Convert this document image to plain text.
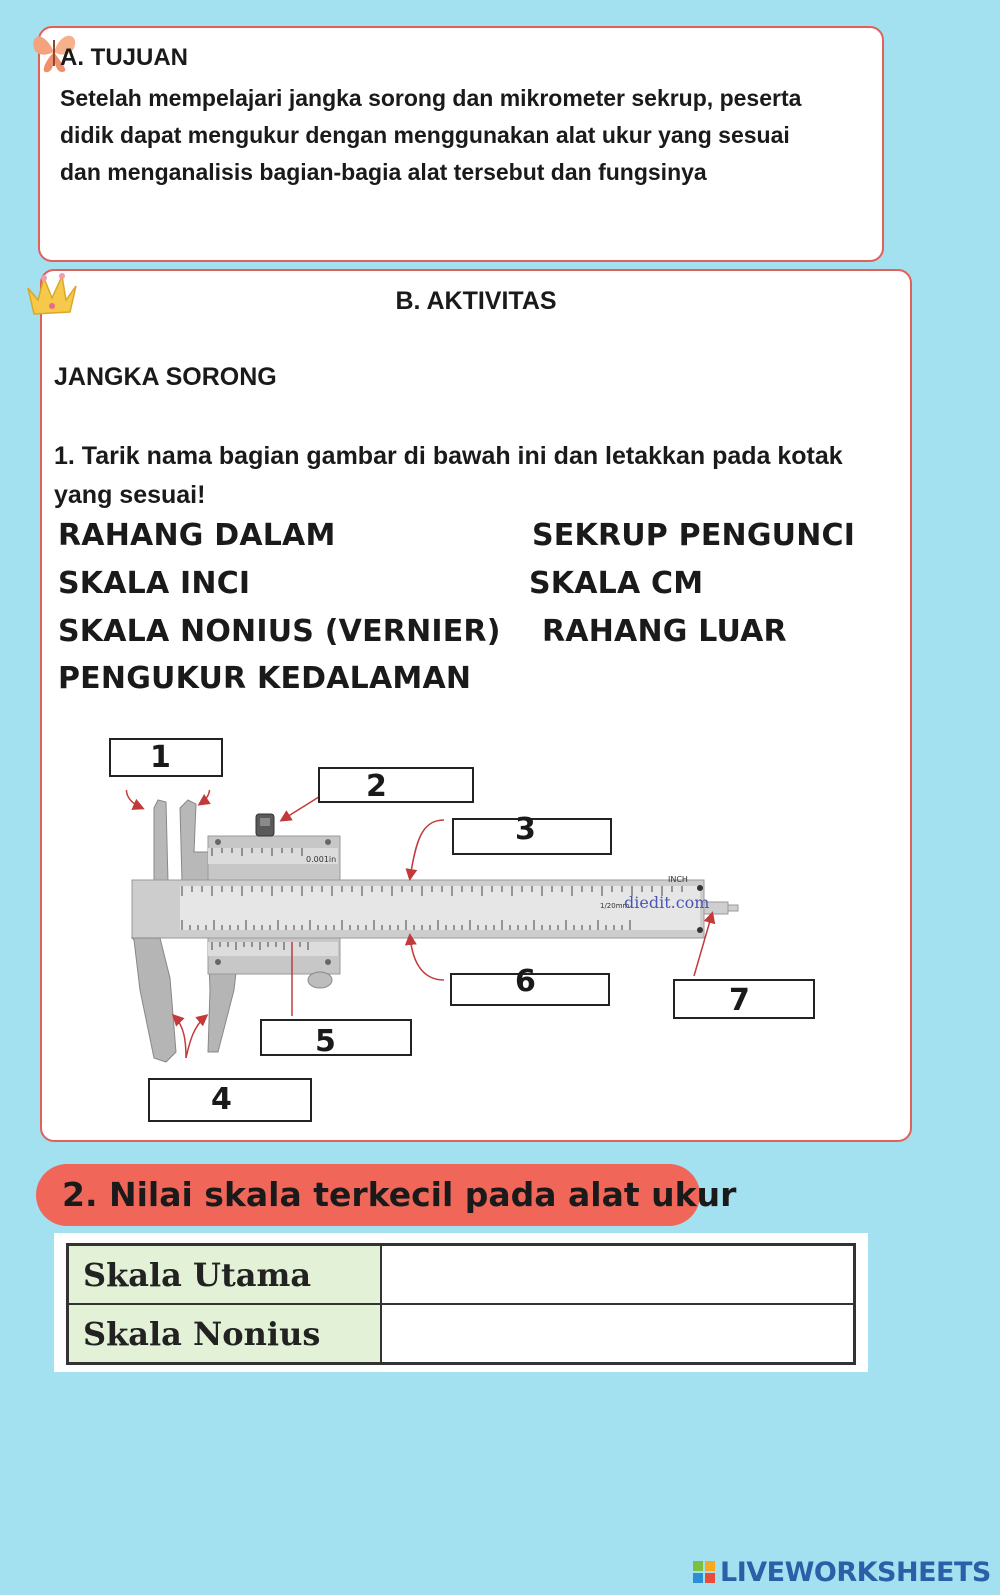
A. TUJUAN
Setelah mempelajari jangka sorong dan mikrometer sekrup, peserta didik dapat mengukur dengan menggunakan alat ukur yang sesuai dan menganalisis bagian-bagia alat tersebut dan fungsinya
B. AKTIVITAS
JANGKA SORONG
1. Tarik nama bagian gambar di bawah ini dan letakkan pada kotak yang sesuai!
RAHANG DALAM	SEKRUP PENGUNCI
SKALA INCI	SKALA CM
SKALA NONIUS (VERNIER) RAHANG LUAR
PENGUKUR KEDALAMAN
0.001in
INCH
1/20mm
diedit.com
1
2
3
4
5
6
7
2. Nilai skala terkecil pada alat ukur
Skala Utama	
Skala Nonius	
LIVEWORKSHEETS
